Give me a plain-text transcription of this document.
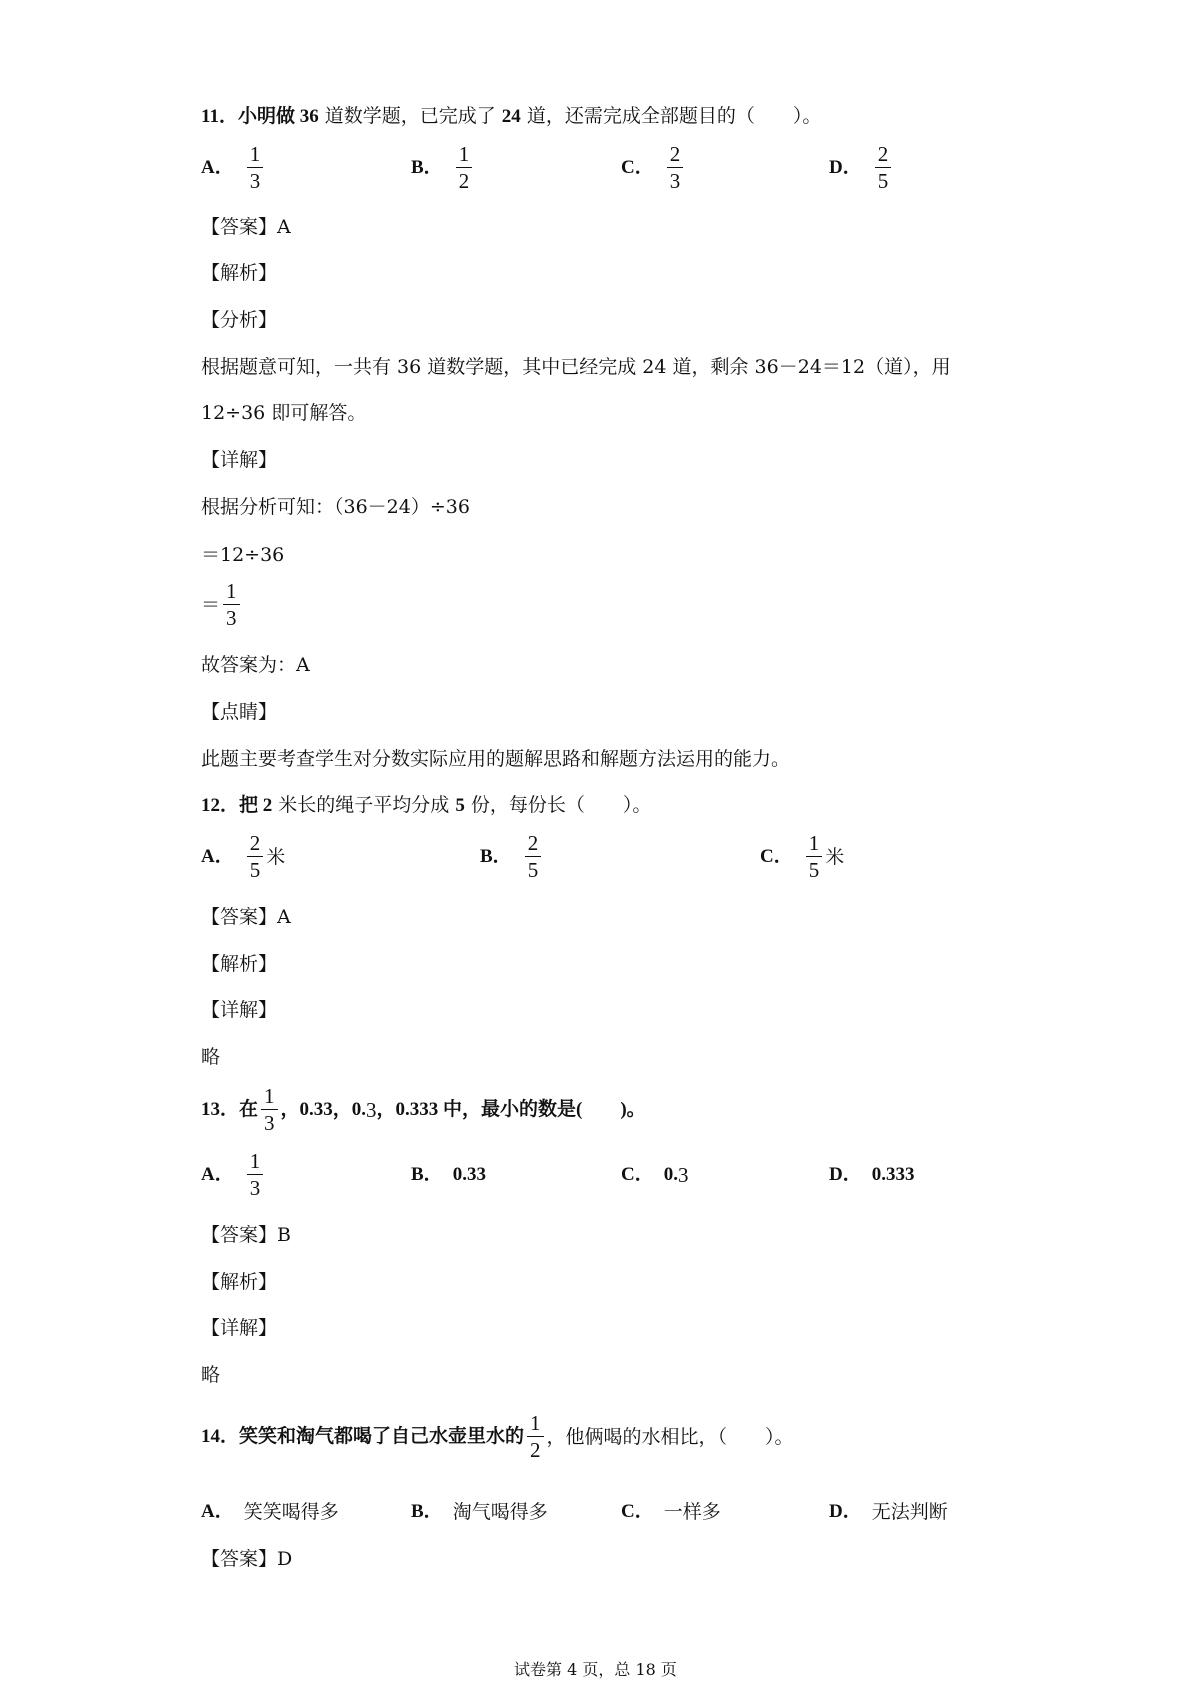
11．小明做 36 道数学题，已完成了 24 道，还需完成全部题目的（　　）。
A． $\frac{1}{3}$	B． $\frac{1}{2}$	C． $\frac{2}{3}$	D． $\frac{2}{5}$
【答案】A
【解析】
【分析】
根据题意可知，一共有 36 道数学题，其中已经完成 24 道，剩余 36－24＝12（道），用
12÷36 即可解答。
【详解】
根据分析可知：（36－24）÷36
＝12÷36
＝ $\frac{1}{3}$
故答案为：A
【点睛】
此题主要考查学生对分数实际应用的题解思路和解题方法运用的能力。
12．把 2 米长的绳子平均分成 5 份，每份长（　　）。
A． $\frac{2}{5}$ 米	B． $\frac{2}{5}$	C． $\frac{1}{5}$ 米
【答案】A
【解析】
【详解】
略
13．在 $\frac{1}{3}$ ，0.33，0. 3 ，0.333 中，最小的数是(　　)。
A． $\frac{1}{3}$	B． 0.33	C． 0. 3	D． 0.333
【答案】B
【解析】
【详解】
略
14．笑笑和淘气都喝了自己水壶里水的 $\frac{1}{2}$ ，他俩喝的水相比，（　　）。
A． 笑笑喝得多	B． 淘气喝得多	C． 一样多	D． 无法判断
【答案】D
试卷第 4 页，总 18 页
